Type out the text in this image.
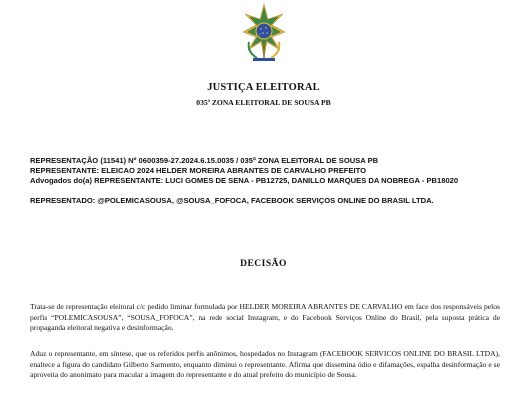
JUSTIÇA ELEITORAL
035ª ZONA ELEITORAL DE SOUSA PB
REPRESENTAÇÃO (11541) Nº 0600359-27.2024.6.15.0035 / 035ª ZONA ELEITORAL DE SOUSA PB
REPRESENTANTE: ELEICAO 2024 HELDER MOREIRA ABRANTES DE CARVALHO PREFEITO
Advogados do(a) REPRESENTANTE: LUCI GOMES DE SENA - PB12725, DANILLO MARQUES DA NOBREGA - PB18020
REPRESENTADO: @POLEMICASOUSA, @SOUSA_FOFOCA, FACEBOOK SERVIÇOS ONLINE DO BRASIL LTDA.
DECISÃO
Trata-se de representação eleitoral c/c pedido liminar formulada por HELDER MOREIRA ABRANTES DE CARVALHO em face dos responsáveis pelos perfis “POLEMICASOUSA”, “SOUSA_FOFOCA”, na rede social Instagram, e do Facebook Serviços Online do Brasil, pela suposta prática de propaganda eleitoral negativa e desinformação.
Aduz o representante, em síntese, que os referidos perfis anônimos, hospedados no Instagram (FACEBOOK SERVICOS ONLINE DO BRASIL LTDA), enaltece a figura do candidato Gilberto Sarmento, enquanto diminui o representante. Afirma que dissemina ódio e difamações, espalha desinformação e se aproveita do anonimato para macular a imagem do representante e do atual prefeito do município de Sousa.
